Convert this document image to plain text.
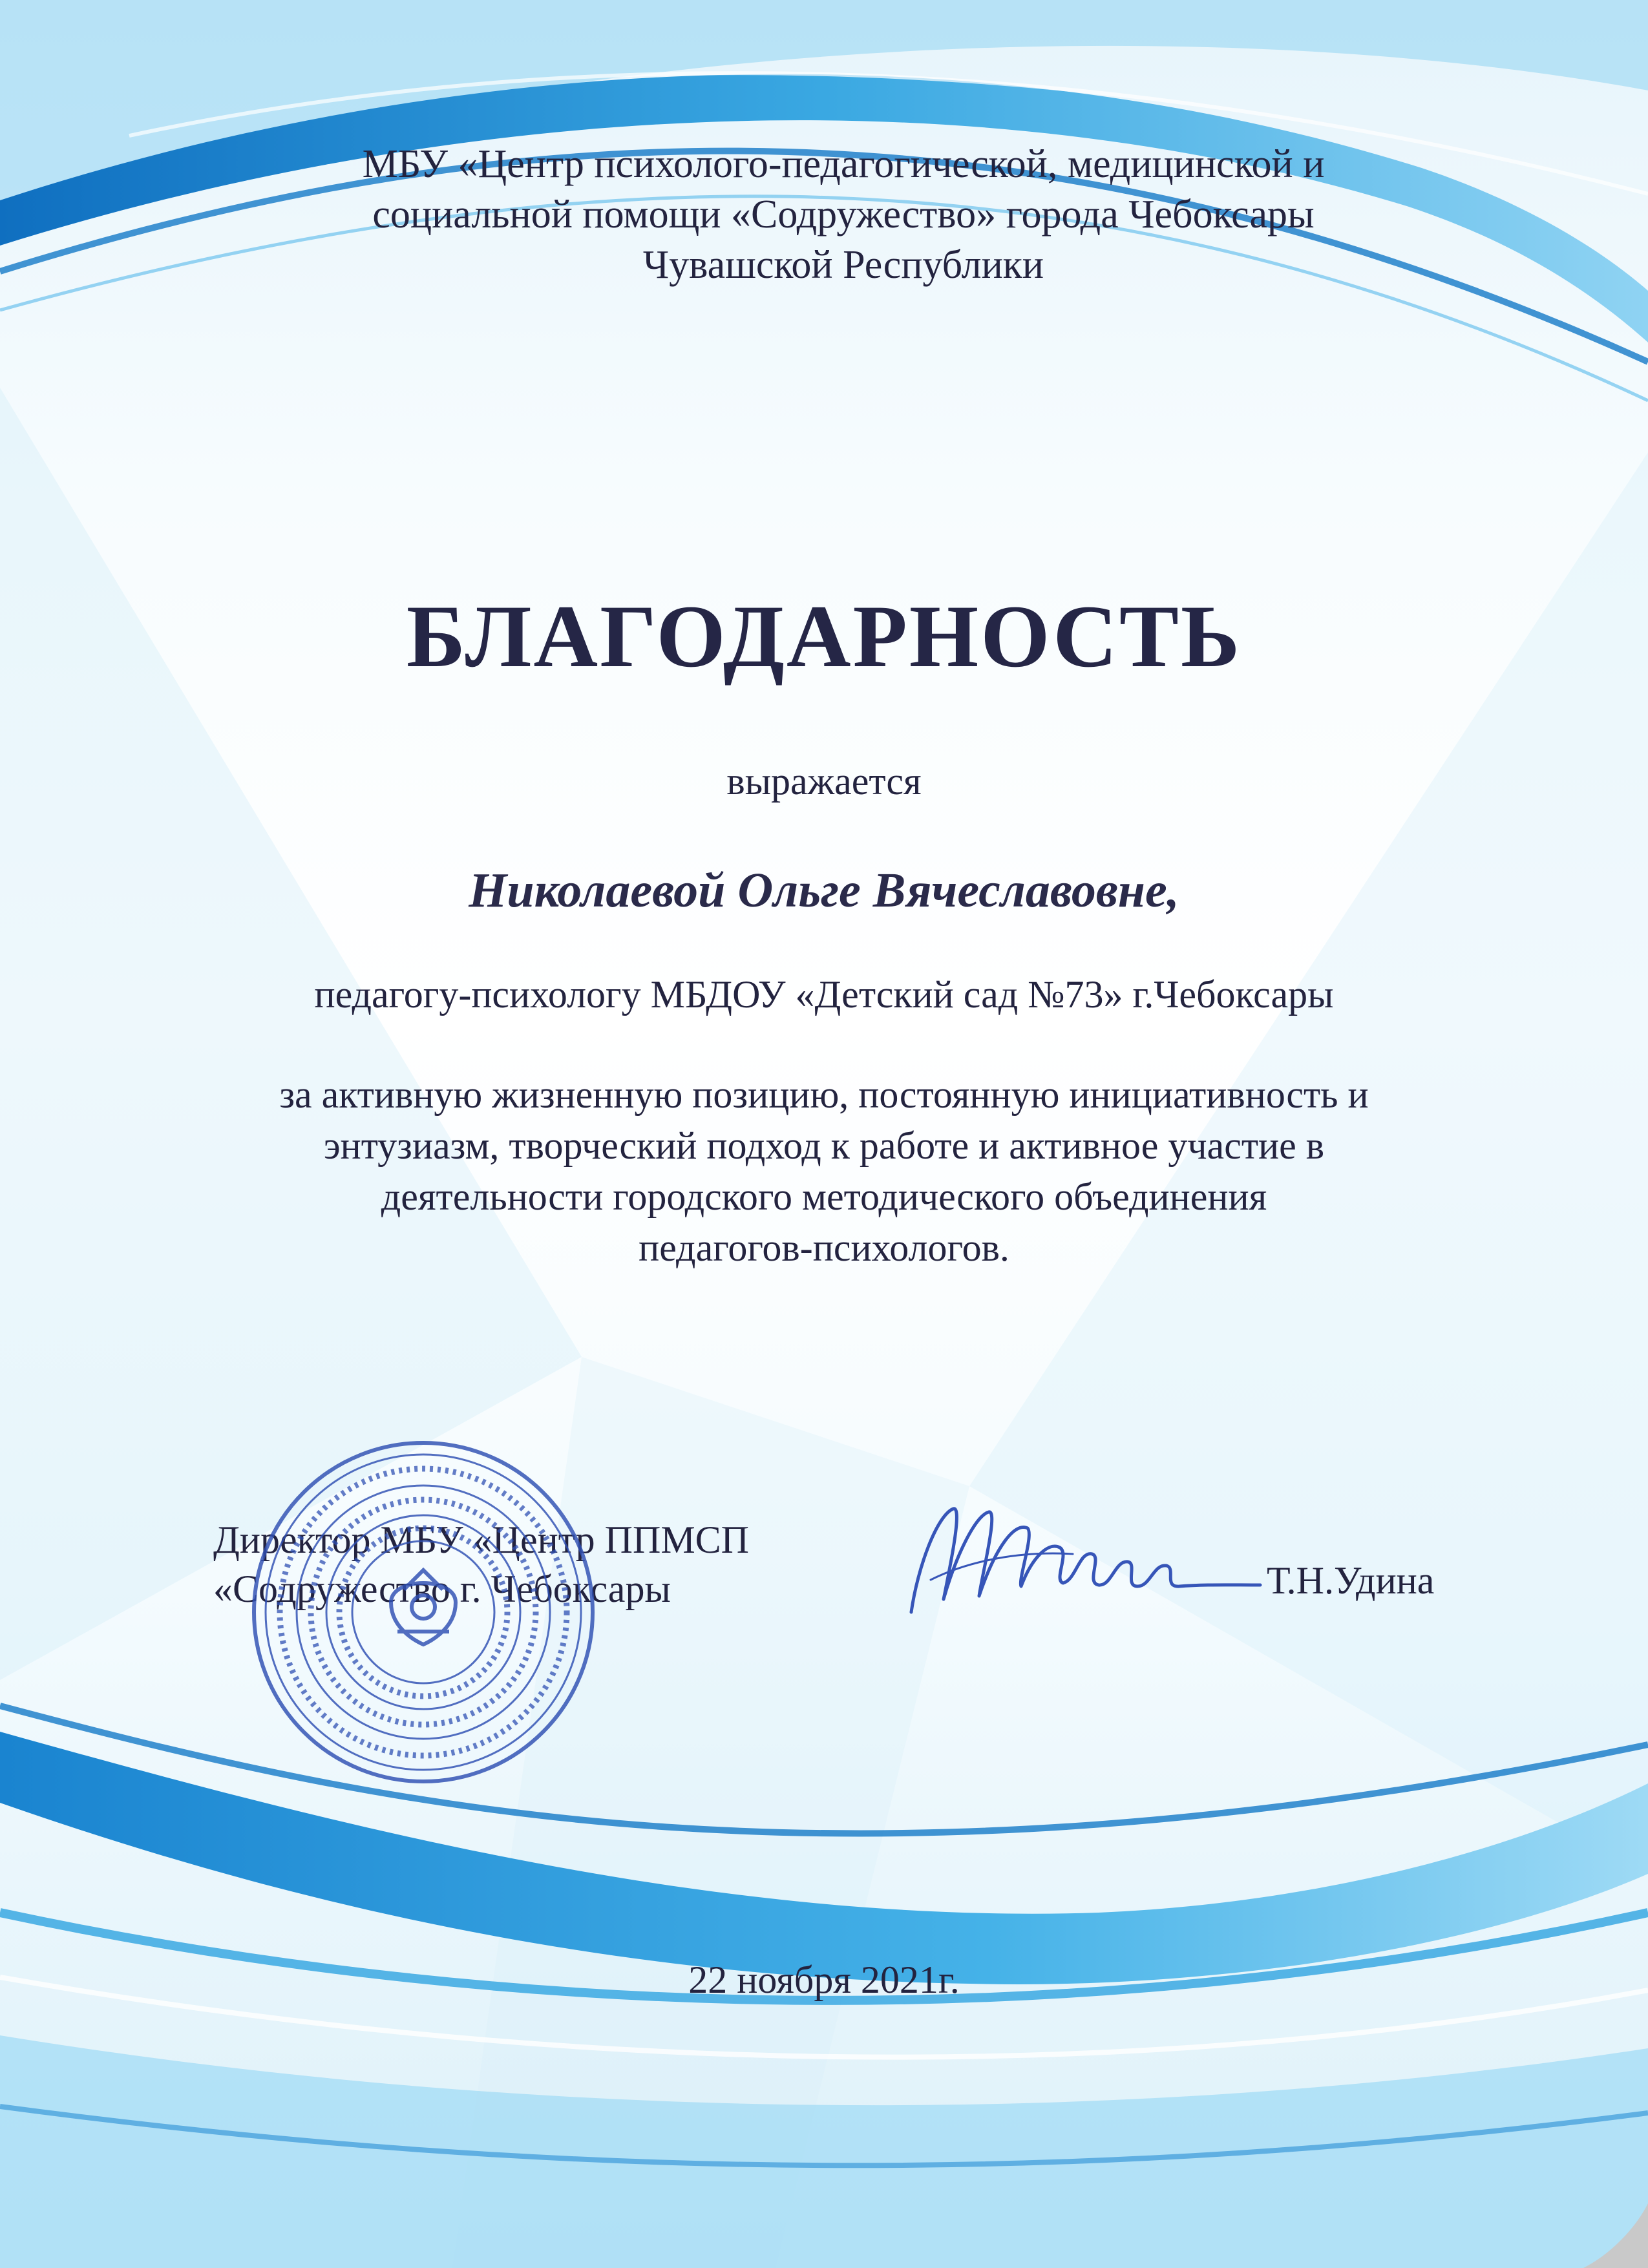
МБУ «Центр психолого-педагогической, медицинской и
социальной помощи «Содружество» города Чебоксары
Чувашской Республики
БЛАГОДАРНОСТЬ
выражается
Николаевой Ольге Вячеславовне,
педагогу-психологу МБДОУ «Детский сад №73» г.Чебоксары
за активную жизненную позицию, постоянную инициативность и
энтузиазм, творческий подход к работе и активное участие в
деятельности городского методического объединения
педагогов-психологов.
Директор МБУ «Центр ППМСП
«Содружество г. Чебоксары	Т.Н.Удина
22 ноября 2021г.
